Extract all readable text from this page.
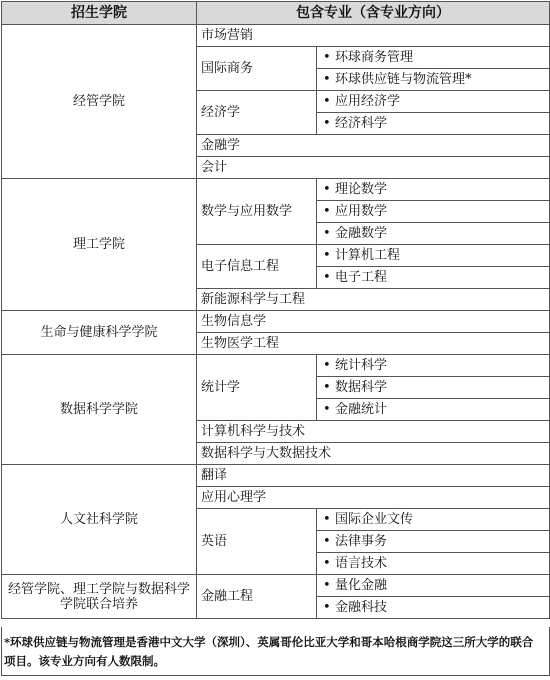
招生学院	包含专业（含专业方向）	
经管学院	市场营销	
	国际商务	• 环球商务管理
		• 环球供应链与物流管理*
	经济学	• 应用经济学
		• 经济科学
	金融学	
	会计	
理工学院	数学与应用数学	• 理论数学
		• 应用数学
		• 金融数学
	电子信息工程	• 计算机工程
		• 电子工程
	新能源科学与工程	
生命与健康科学学院	生物信息学	
	生物医学工程	
数据科学学院	统计学	• 统计科学
		• 数据科学
		• 金融统计
	计算机科学与技术	
	数据科学与大数据技术	
人文社科学院	翻译	
	应用心理学	
	英语	• 国际企业文传
		• 法律事务
		• 语言技术
经管学院、理工学院与数据科学学院联合培养	金融工程	• 量化金融
		• 金融科技
*环球供应链与物流管理是香港中文大学（深圳）、英属哥伦比亚大学和哥本哈根商学院这三所大学的联合项目。该专业方向有人数限制。
